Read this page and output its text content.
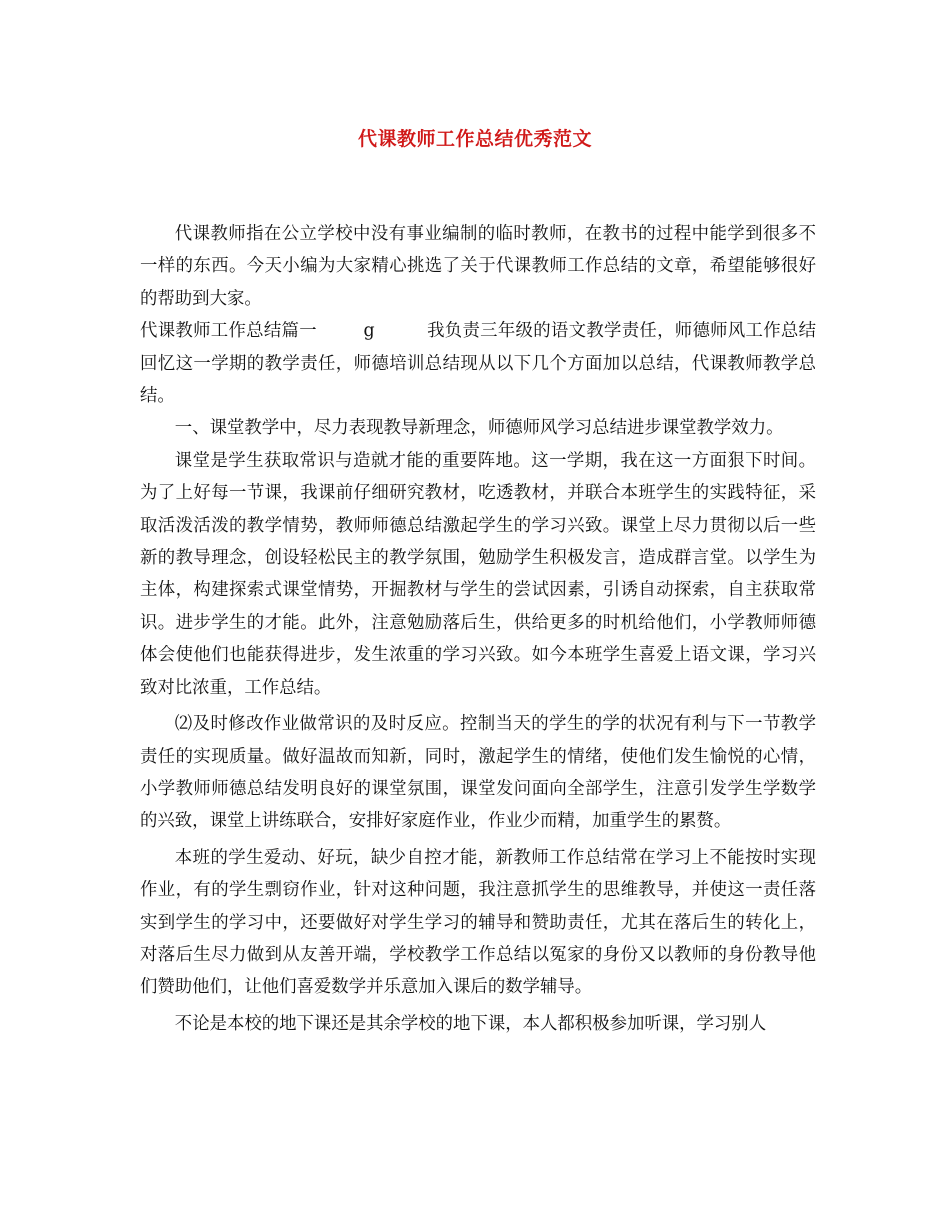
代课教师工作总结优秀范文

代课教师指在公立学校中没有事业编制的临时教师，在教书的过程中能学到很多不一样的东西。今天小编为大家精心挑选了关于代课教师工作总结的文章，希望能够很好的帮助到大家。

代课教师工作总结篇一        g         我负责三年级的语文教学责任，师德师风工作总结回忆这一学期的教学责任，师德培训总结现从以下几个方面加以总结，代课教师教学总结。

一、课堂教学中，尽力表现教导新理念，师德师风学习总结进步课堂教学效力。

课堂是学生获取常识与造就才能的重要阵地。这一学期，我在这一方面狠下时间。为了上好每一节课，我课前仔细研究教材，吃透教材，并联合本班学生的实践特征，采取活泼活泼的教学情势，教师师德总结激起学生的学习兴致。课堂上尽力贯彻以后一些新的教导理念，创设轻松民主的教学氛围，勉励学生积极发言，造成群言堂。以学生为主体，构建探索式课堂情势，开掘教材与学生的尝试因素，引诱自动探索，自主获取常识。进步学生的才能。此外，注意勉励落后生，供给更多的时机给他们，小学教师师德体会使他们也能获得进步，发生浓重的学习兴致。如今本班学生喜爱上语文课，学习兴致对比浓重，工作总结。

⑵及时修改作业做常识的及时反应。控制当天的学生的学的状况有利与下一节教学责任的实现质量。做好温故而知新，同时，激起学生的情绪，使他们发生愉悦的心情，小学教师师德总结发明良好的课堂氛围，课堂发问面向全部学生，注意引发学生学数学的兴致，课堂上讲练联合，安排好家庭作业，作业少而精，加重学生的累赘。

本班的学生爱动、好玩，缺少自控才能，新教师工作总结常在学习上不能按时实现作业，有的学生剽窃作业，针对这种问题，我注意抓学生的思维教导，并使这一责任落实到学生的学习中，还要做好对学生学习的辅导和赞助责任，尤其在落后生的转化上，对落后生尽力做到从友善开端，学校教学工作总结以冤家的身份又以教师的身份教导他们赞助他们，让他们喜爱数学并乐意加入课后的数学辅导。

不论是本校的地下课还是其余学校的地下课，本人都积极参加听课，学习别人
